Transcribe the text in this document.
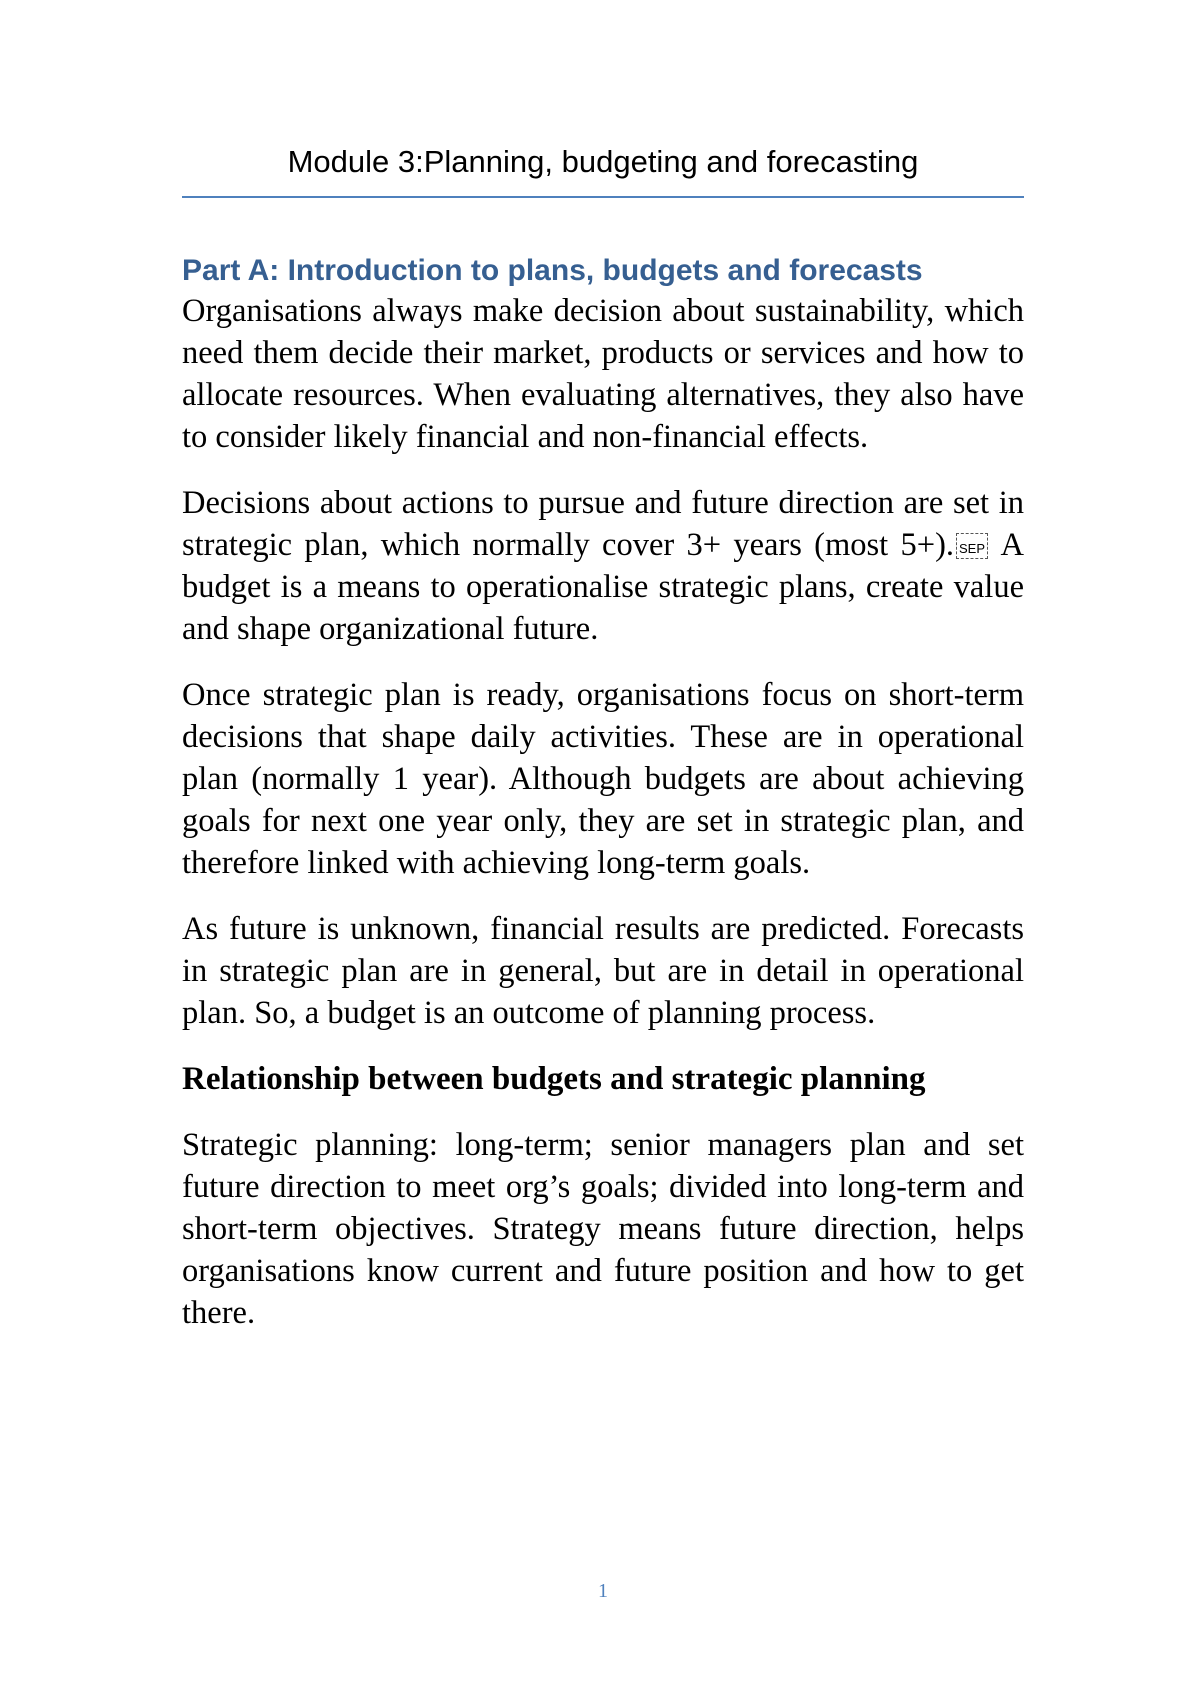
Module 3:Planning, budgeting and forecasting
Part A: Introduction to plans, budgets and forecasts

Organisations always make decision about sustainability, which need them decide their market, products or services and how to allocate resources. When evaluating alternatives, they also have to consider likely financial and non-financial effects.

Decisions about actions to pursue and future direction are set in strategic plan, which normally cover 3+ years (most 5+). SEP A budget is a means to operationalise strategic plans, create value and shape organizational future.

Once strategic plan is ready, organisations focus on short-term decisions that shape daily activities. These are in operational plan (normally 1 year). Although budgets are about achieving goals for next one year only, they are set in strategic plan, and therefore linked with achieving long-term goals.

As future is unknown, financial results are predicted. Forecasts in strategic plan are in general, but are in detail in operational plan. So, a budget is an outcome of planning process.

Relationship between budgets and strategic planning

Strategic planning: long-term; senior managers plan and set future direction to meet org’s goals; divided into long-term and short-term objectives. Strategy means future direction, helps organisations know current and future position and how to get there.

1
